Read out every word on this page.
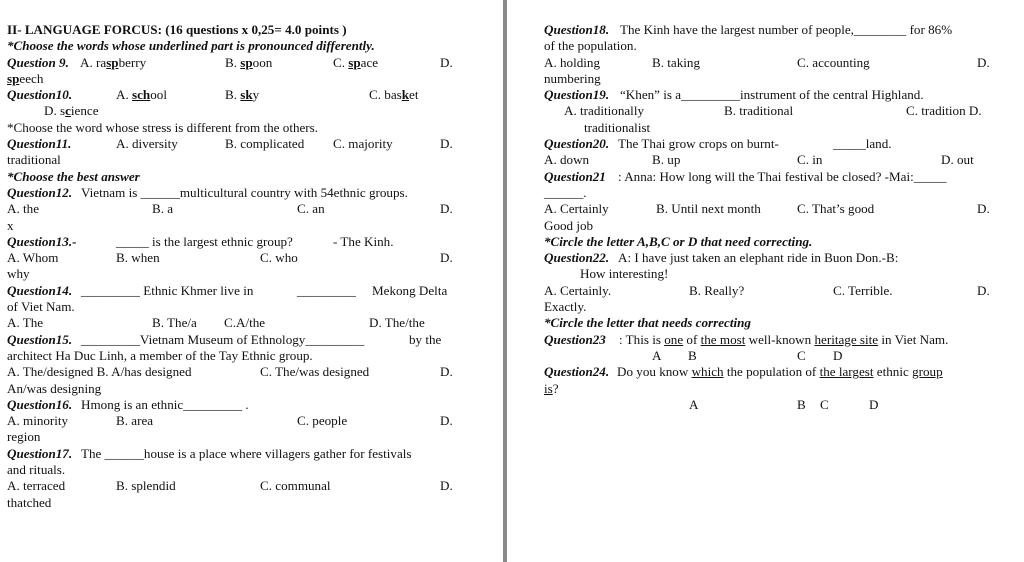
II- LANGUAGE FORCUS: (16 questions x 0,25= 4.0 points )
*Choose the words whose underlined part is pronounced differently.
Question 9. A. raspberry	B. spoon	C. space	D.
speech
Question10.	A. school	B. sky	C. basket
D. science
*Choose the word whose stress is different from the others.
Question11.	A. diversity	B. complicated C. majority	D.
traditional
*Choose the best answer
Question12. Vietnam is ______multicultural country with 54ethnic groups.
A. the	B. a	C. an	D.
x
Question13.-	_____ is the largest ethnic group?	- The Kinh.
A. Whom	B. when	C. who	D.
why
Question14. _________ Ethnic Khmer live in	_________ Mekong Delta
of Viet Nam.
A. The	B. The/a C.A/the	D. The/the
Question15. _________Vietnam Museum of Ethnology_________	by the
architect Ha Duc Linh, a member of the Tay Ethnic group.
A. The/designed B. A/has designed	C. The/was designed	D.
An/was designing
Question16. Hmong is an ethnic_________ .
A. minority	B. area	C. people	D.
region
Question17. The ______house is a place where villagers gather for festivals
and rituals.
A. terraced	B. splendid	C. communal	D.
thatched
Question18. The Kinh have the largest number of people,________ for 86%
of the population.
A. holding	B. taking	C. accounting	D.
numbering
Question19. “Khen” is a_________instrument of the central Highland.
A. traditionally	B. traditional	C. tradition D.
traditionalist
Question20. The Thai grow crops on burnt-	_____land.
A. down	B. up	C. in	D. out
Question21 : Anna: How long will the Thai festival be closed? -Mai:_____
______.
A. Certainly	B. Until next month	C. That’s good	D.
Good job
*Circle the letter A,B,C or D that need correcting.
Question22. A: I have just taken an elephant ride in Buon Don.-B:
How interesting!
A. Certainly.	B. Really?	C. Terrible.	D.
Exactly.
*Circle the letter that needs correcting
Question23 : This is one of the most well-known heritage site in Viet Nam.
A B	C D
Question24. Do you know which the population of the largest ethnic group
is?
A	B C	D
